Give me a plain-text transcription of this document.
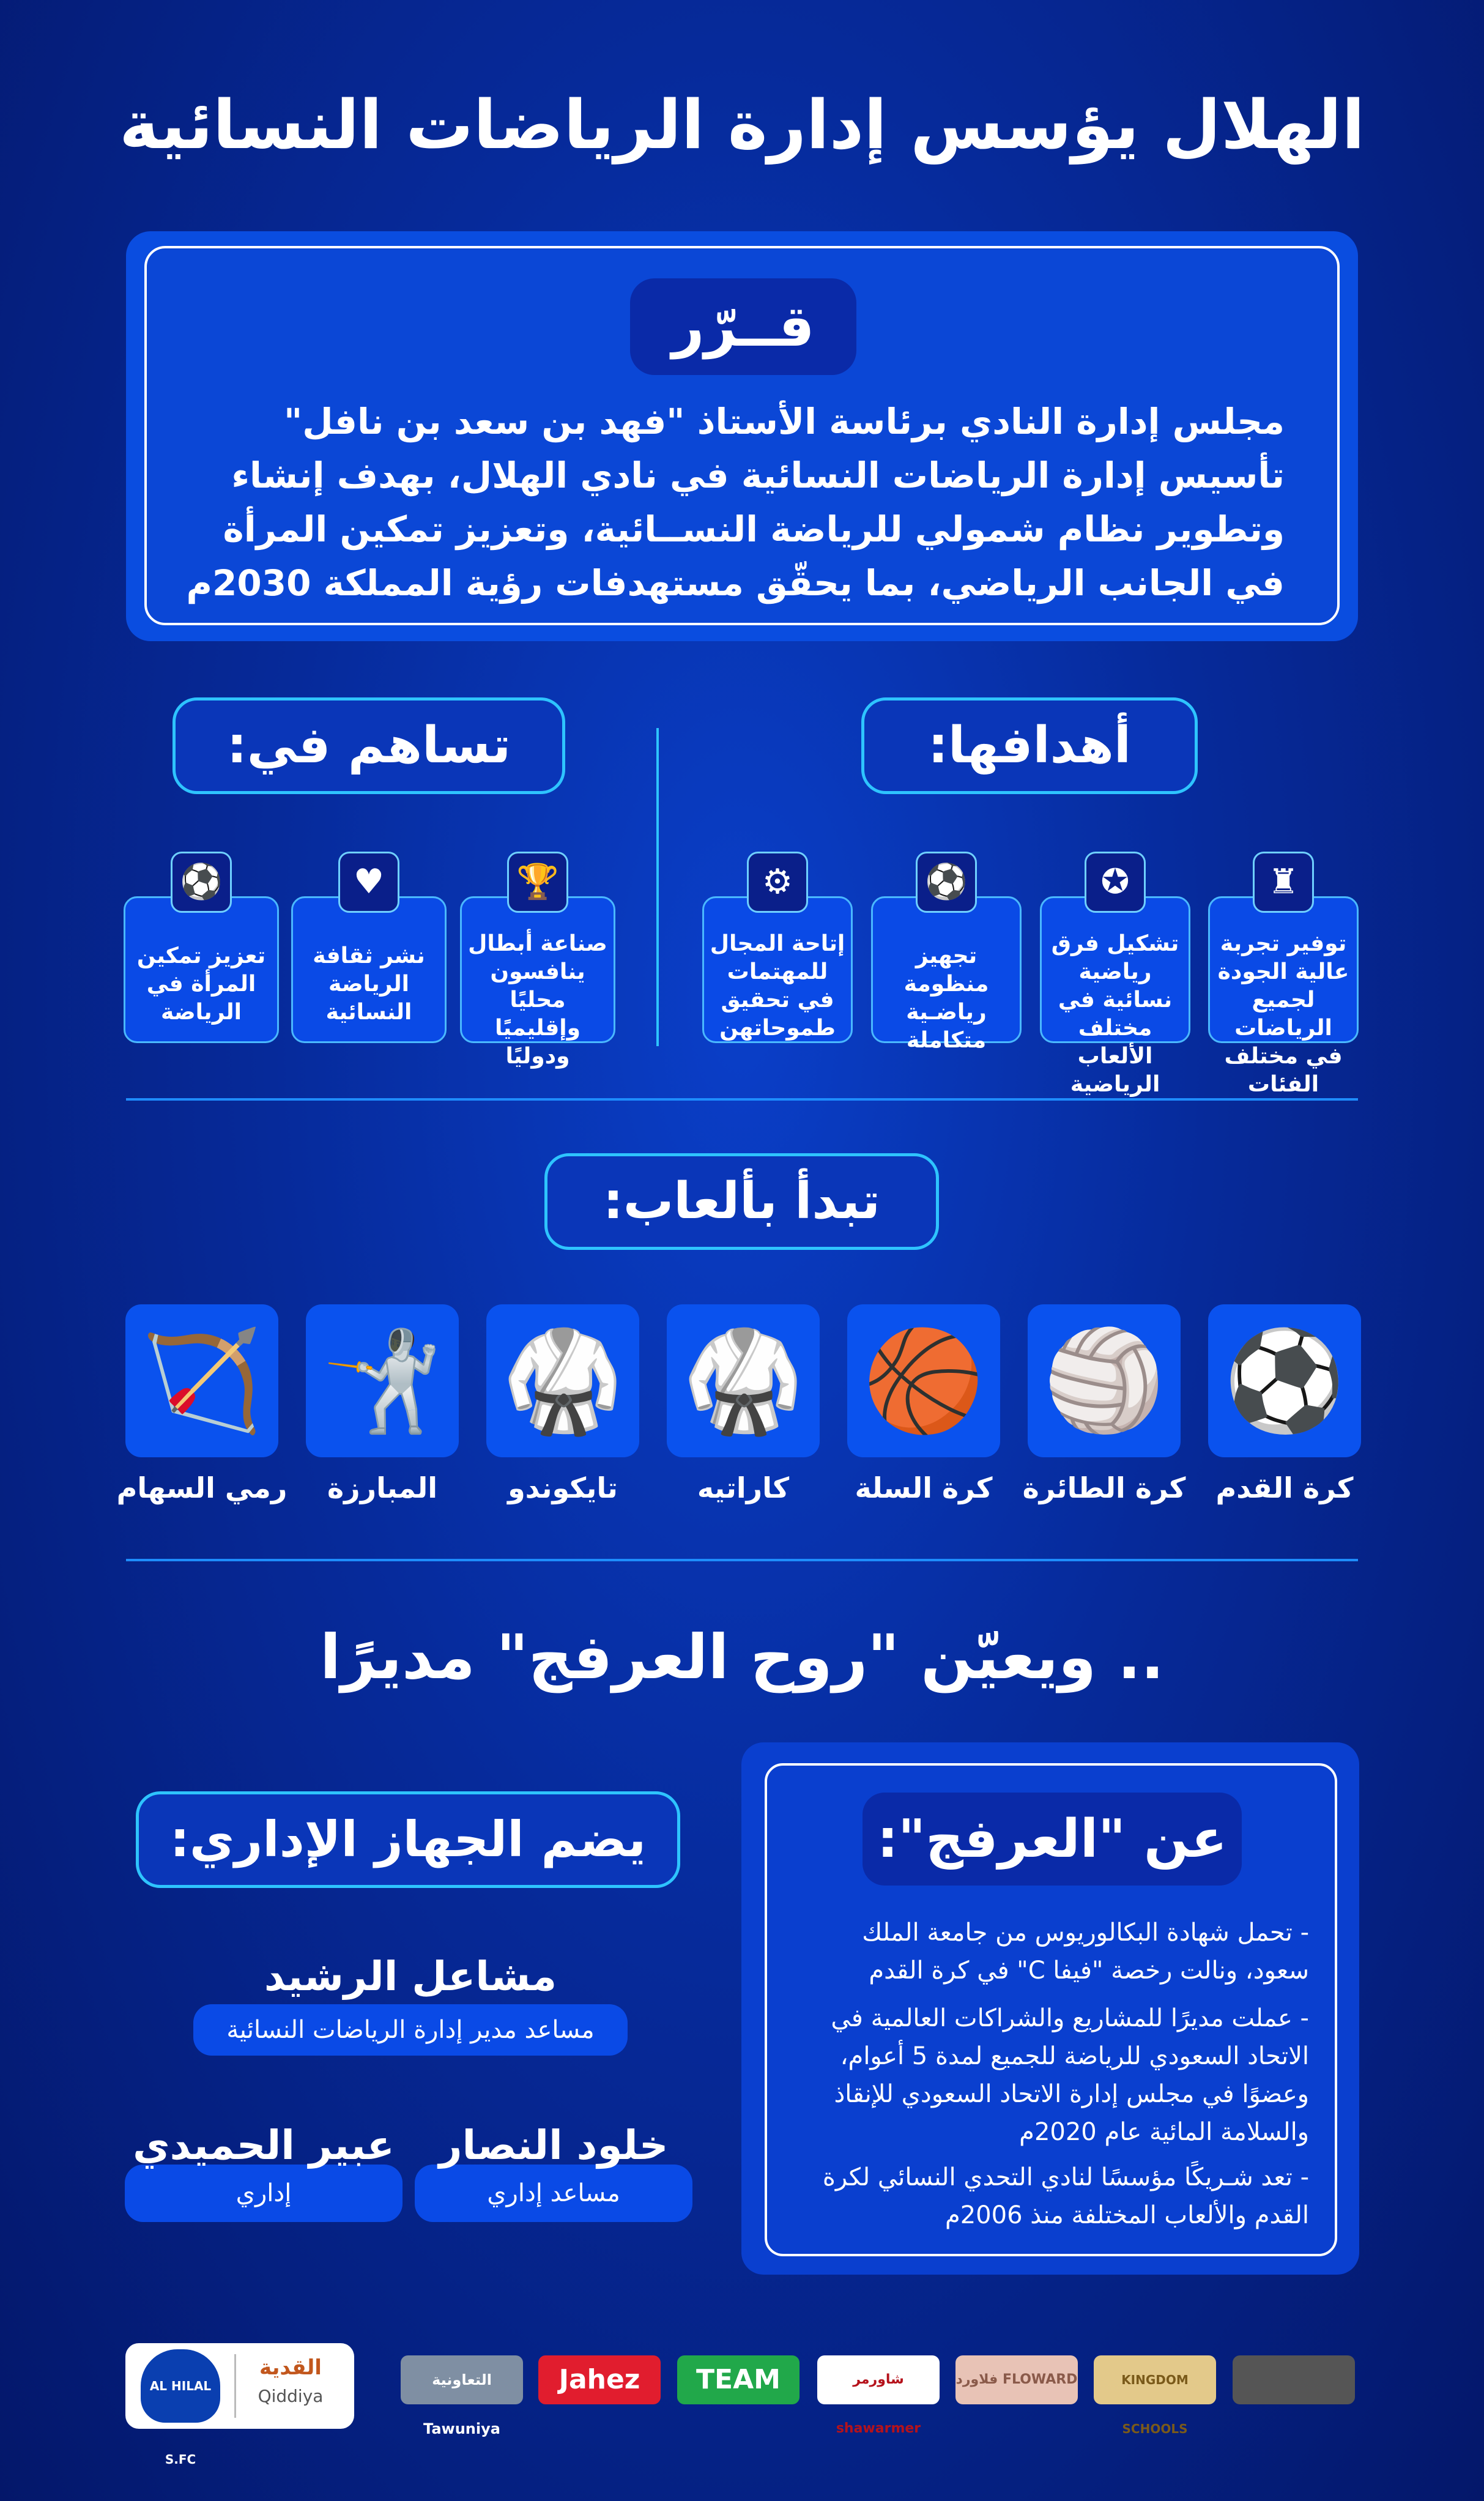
الهلال يؤسس إدارة الرياضات النسائية
قــرّر
مجلس إدارة النادي برئاسة الأستاذ "فهد بن سعد بن نافل" تأسيس إدارة الرياضات النسائية في نادي الهلال، بهدف إنشاء وتطوير نظام شمولي للرياضة النســائية، وتعزيز تمكين المرأة في الجانب الرياضي، بما يحقّق مستهدفات رؤية المملكة 2030م
أهدافها:
تساهم في:
♜
توفير تجربة عالية الجودة لجميع الرياضات في مختلف الفئات
✪
تشكيل فرق رياضية نسائية في مختلف الألعاب الرياضية
⚽
تجهيز منظومة رياضـية متكاملة
⚙
إتاحة المجال للمهتمات في تحقيق طموحاتهن
🏆
صناعة أبطال ينافسون محليًا وإقليميًا ودوليًا
♥
نشر ثقافة الرياضة النسائية
⚽
تعزيز تمكين المرأة في الرياضة
تبدأ بألعاب:
⚽
كرة القدم
🏐
كرة الطائرة
🏀
كرة السلة
🥋
كاراتيه
🥋
تايكوندو
🤺
المبارزة
🏹
رمي السهام
.. ويعيّن "روح العرفج" مديرًا
عن "العرفج":
- تحمل شهادة البكالوريوس من جامعة الملك سعود، ونالت رخصة "فيفا C" في كرة القدم
- عملت مديرًا للمشاريع والشراكات العالمية في الاتحاد السعودي للرياضة للجميع لمدة 5 أعوام، وعضوًا في مجلس إدارة الاتحاد السعودي للإنقاذ والسلامة المائية عام 2020م
- تعد شـريكًا مؤسسًا لنادي التحدي النسائي لكرة القدم والألعاب المختلفة منذ 2006م
يضم الجهاز الإداري:
مساعد مدير إدارة الرياضات النسائية
مشاعل الرشيد
مساعد إداري
خلود النصار
إداري
عبير الحميدي
القدية
Qiddiya
AL HILAL S.FC
التعاونية Tawuniya
Jahez	TEAM	شاورمر shawarmer
FLOWARD فلاورد	KINGDOM SCHOOLS
